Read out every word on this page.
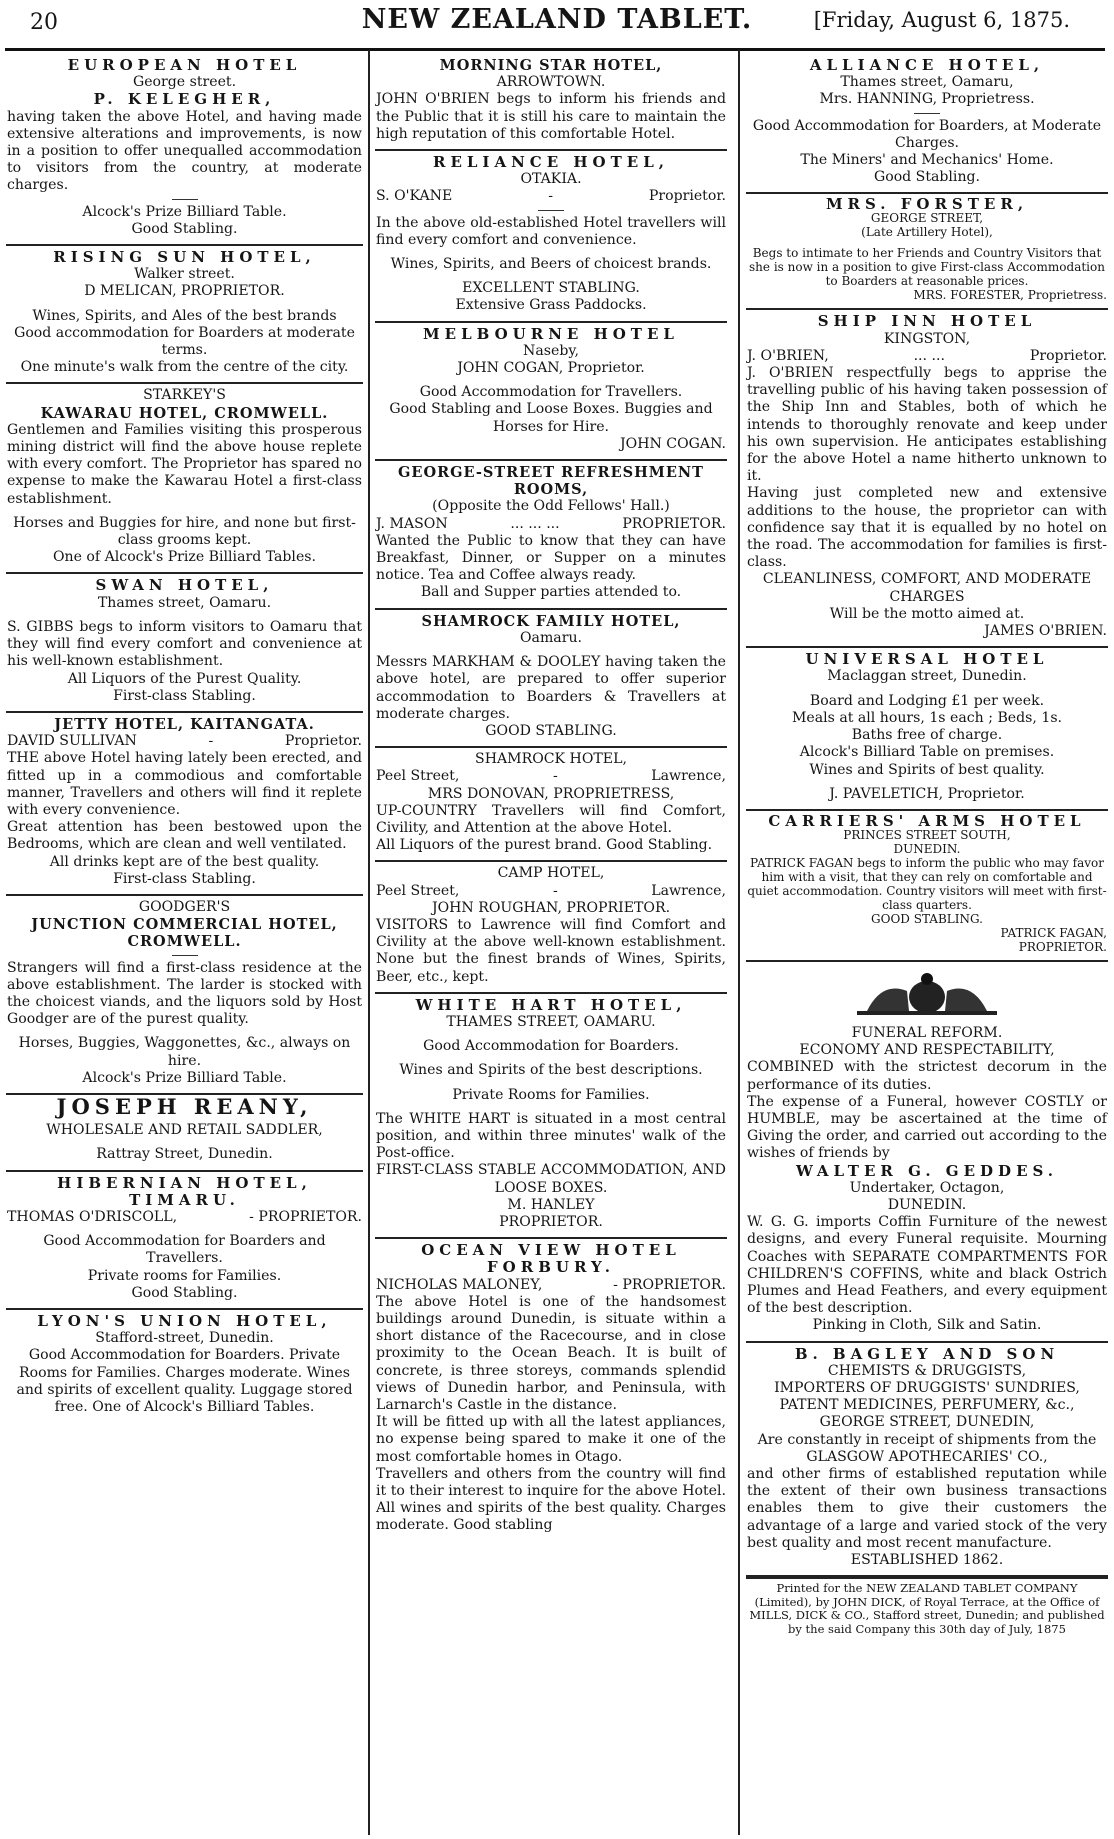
20	NEW ZEALAND TABLET.	[Friday, August 6, 1875.
EUROPEAN HOTEL
George street.
P. KELEGHER,

having taken the above Hotel, and having made extensive alterations and improvements, is now in a position to offer unequalled accommodation to visitors from the country, at moderate charges.

Alcock's Prize Billiard Table.
Good Stabling.
RISING SUN HOTEL,
Walker street.
D MELICAN, PROPRIETOR.
Wines, Spirits, and Ales of the best brands
Good accommodation for Boarders at moderate terms.
One minute's walk from the centre of the city.
STARKEY'S
KAWARAU HOTEL, CROMWELL.

Gentlemen and Families visiting this prosperous mining district will find the above house replete with every comfort. The Proprietor has spared no expense to make the Kawarau Hotel a first-class establishment.

Horses and Buggies for hire, and none but first-class grooms kept.
One of Alcock's Prize Billiard Tables.
SWAN HOTEL,
Thames street, Oamaru.

S. GIBBS begs to inform visitors to Oamaru that they will find every comfort and convenience at his well-known establishment.

All Liquors of the Purest Quality.
First-class Stabling.
JETTY HOTEL, KAITANGATA.
DAVID SULLIVAN	-	Proprietor.

THE above Hotel having lately been erected, and fitted up in a commodious and comfortable manner, Travellers and others will find it replete with every convenience.

Great attention has been bestowed upon the Bedrooms, which are clean and well ventilated.

All drinks kept are of the best quality.
First-class Stabling.
GOODGER'S
JUNCTION COMMERCIAL HOTEL, CROMWELL.

Strangers will find a first-class residence at the above establishment. The larder is stocked with the choicest viands, and the liquors sold by Host Goodger are of the purest quality.

Horses, Buggies, Waggonettes, &c., always on hire.
Alcock's Prize Billiard Table.
JOSEPH REANY,
WHOLESALE AND RETAIL SADDLER,
Rattray Street, Dunedin.
HIBERNIAN HOTEL, TIMARU.
THOMAS O'DRISCOLL,	- PROPRIETOR.
Good Accommodation for Boarders and Travellers.
Private rooms for Families.
Good Stabling.
LYON'S UNION HOTEL,
Stafford-street, Dunedin.

Good Accommodation for Boarders. Private Rooms for Families. Charges moderate. Wines and spirits of excellent quality. Luggage stored free. One of Alcock's Billiard Tables.

MORNING STAR HOTEL,
ARROWTOWN.

JOHN O'BRIEN begs to inform his friends and the Public that it is still his care to maintain the high reputation of this comfortable Hotel.

RELIANCE HOTEL,
OTAKIA.
S. O'KANE	-	Proprietor.

In the above old-established Hotel travellers will find every comfort and convenience.

Wines, Spirits, and Beers of choicest brands.
EXCELLENT STABLING.
Extensive Grass Paddocks.
MELBOURNE HOTEL
Naseby,
JOHN COGAN, Proprietor.
Good Accommodation for Travellers.
Good Stabling and Loose Boxes. Buggies and Horses for Hire.
JOHN COGAN.
GEORGE-STREET REFRESHMENT ROOMS,
(Opposite the Odd Fellows' Hall.)
J. MASON	... ... ...	PROPRIETOR.

Wanted the Public to know that they can have Breakfast, Dinner, or Supper on a minutes notice. Tea and Coffee always ready.

Ball and Supper parties attended to.
SHAMROCK FAMILY HOTEL,
Oamaru.

Messrs MARKHAM & DOOLEY having taken the above hotel, are prepared to offer superior accommodation to Boarders & Travellers at moderate charges.

GOOD STABLING.
SHAMROCK HOTEL,
Peel Street,	-	Lawrence,
MRS DONOVAN, PROPRIETRESS,

UP-COUNTRY Travellers will find Comfort, Civility, and Attention at the above Hotel.

All Liquors of the purest brand. Good Stabling.

CAMP HOTEL,
Peel Street,	-	Lawrence,
JOHN ROUGHAN, PROPRIETOR.

VISITORS to Lawrence will find Comfort and Civility at the above well-known establishment. None but the finest brands of Wines, Spirits, Beer, etc., kept.

WHITE HART HOTEL,
THAMES STREET, OAMARU.
Good Accommodation for Boarders.
Wines and Spirits of the best descriptions.
Private Rooms for Families.

The WHITE HART is situated in a most central position, and within three minutes' walk of the Post-office.

FIRST-CLASS STABLE ACCOMMODATION, AND LOOSE BOXES.
M. HANLEY
PROPRIETOR.
OCEAN VIEW HOTEL FORBURY.
NICHOLAS MALONEY,	- PROPRIETOR.

The above Hotel is one of the handsomest buildings around Dunedin, is situate within a short distance of the Racecourse, and in close proximity to the Ocean Beach. It is built of concrete, is three storeys, commands splendid views of Dunedin harbor, and Peninsula, with Larnarch's Castle in the distance.

It will be fitted up with all the latest appliances, no expense being spared to make it one of the most comfortable homes in Otago.

Travellers and others from the country will find it to their interest to inquire for the above Hotel. All wines and spirits of the best quality. Charges moderate. Good stabling

ALLIANCE HOTEL,
Thames street, Oamaru,
Mrs. HANNING, Proprietress.
Good Accommodation for Boarders, at Moderate Charges.
The Miners' and Mechanics' Home.
Good Stabling.
MRS. FORSTER,
GEORGE STREET,
(Late Artillery Hotel),

Begs to intimate to her Friends and Country Visitors that she is now in a position to give First-class Accommodation to Boarders at reasonable prices.

MRS. FORESTER, Proprietress.
SHIP INN HOTEL
KINGSTON,
J. O'BRIEN,	... ...	Proprietor.

J. O'BRIEN respectfully begs to apprise the travelling public of his having taken possession of the Ship Inn and Stables, both of which he intends to thoroughly renovate and keep under his own supervision. He anticipates establishing for the above Hotel a name hitherto unknown to it.

Having just completed new and extensive additions to the house, the proprietor can with confidence say that it is equalled by no hotel on the road. The accommodation for families is first-class.

CLEANLINESS, COMFORT, AND MODERATE CHARGES
Will be the motto aimed at.
JAMES O'BRIEN.
UNIVERSAL HOTEL
Maclaggan street, Dunedin.
Board and Lodging £1 per week.
Meals at all hours, 1s each ; Beds, 1s.
Baths free of charge.
Alcock's Billiard Table on premises.
Wines and Spirits of best quality.
J. PAVELETICH, Proprietor.
CARRIERS' ARMS HOTEL
PRINCES STREET SOUTH,
DUNEDIN.

PATRICK FAGAN begs to inform the public who may favor him with a visit, that they can rely on comfortable and quiet accommodation. Country visitors will meet with first-class quarters.

GOOD STABLING.
PATRICK FAGAN,
PROPRIETOR.
FUNERAL REFORM.
ECONOMY AND RESPECTABILITY,

COMBINED with the strictest decorum in the performance of its duties.

The expense of a Funeral, however COSTLY or HUMBLE, may be ascertained at the time of Giving the order, and carried out according to the wishes of friends by

WALTER G. GEDDES.
Undertaker, Octagon,
DUNEDIN.

W. G. G. imports Coffin Furniture of the newest designs, and every Funeral requisite. Mourning Coaches with SEPARATE COMPARTMENTS FOR CHILDREN'S COFFINS, white and black Ostrich Plumes and Head Feathers, and every equipment of the best description.

Pinking in Cloth, Silk and Satin.
B. BAGLEY AND SON
CHEMISTS & DRUGGISTS,
IMPORTERS OF DRUGGISTS' SUNDRIES, PATENT MEDICINES, PERFUMERY, &c.,
GEORGE STREET, DUNEDIN,
Are constantly in receipt of shipments from the
GLASGOW APOTHECARIES' CO.,

and other firms of established reputation while the extent of their own business transactions enables them to give their customers the advantage of a large and varied stock of the very best quality and most recent manufacture.

ESTABLISHED 1862.

Printed for the NEW ZEALAND TABLET COMPANY (Limited), by JOHN DICK, of Royal Terrace, at the Office of MILLS, DICK & CO., Stafford street, Dunedin; and published by the said Company this 30th day of July, 1875
